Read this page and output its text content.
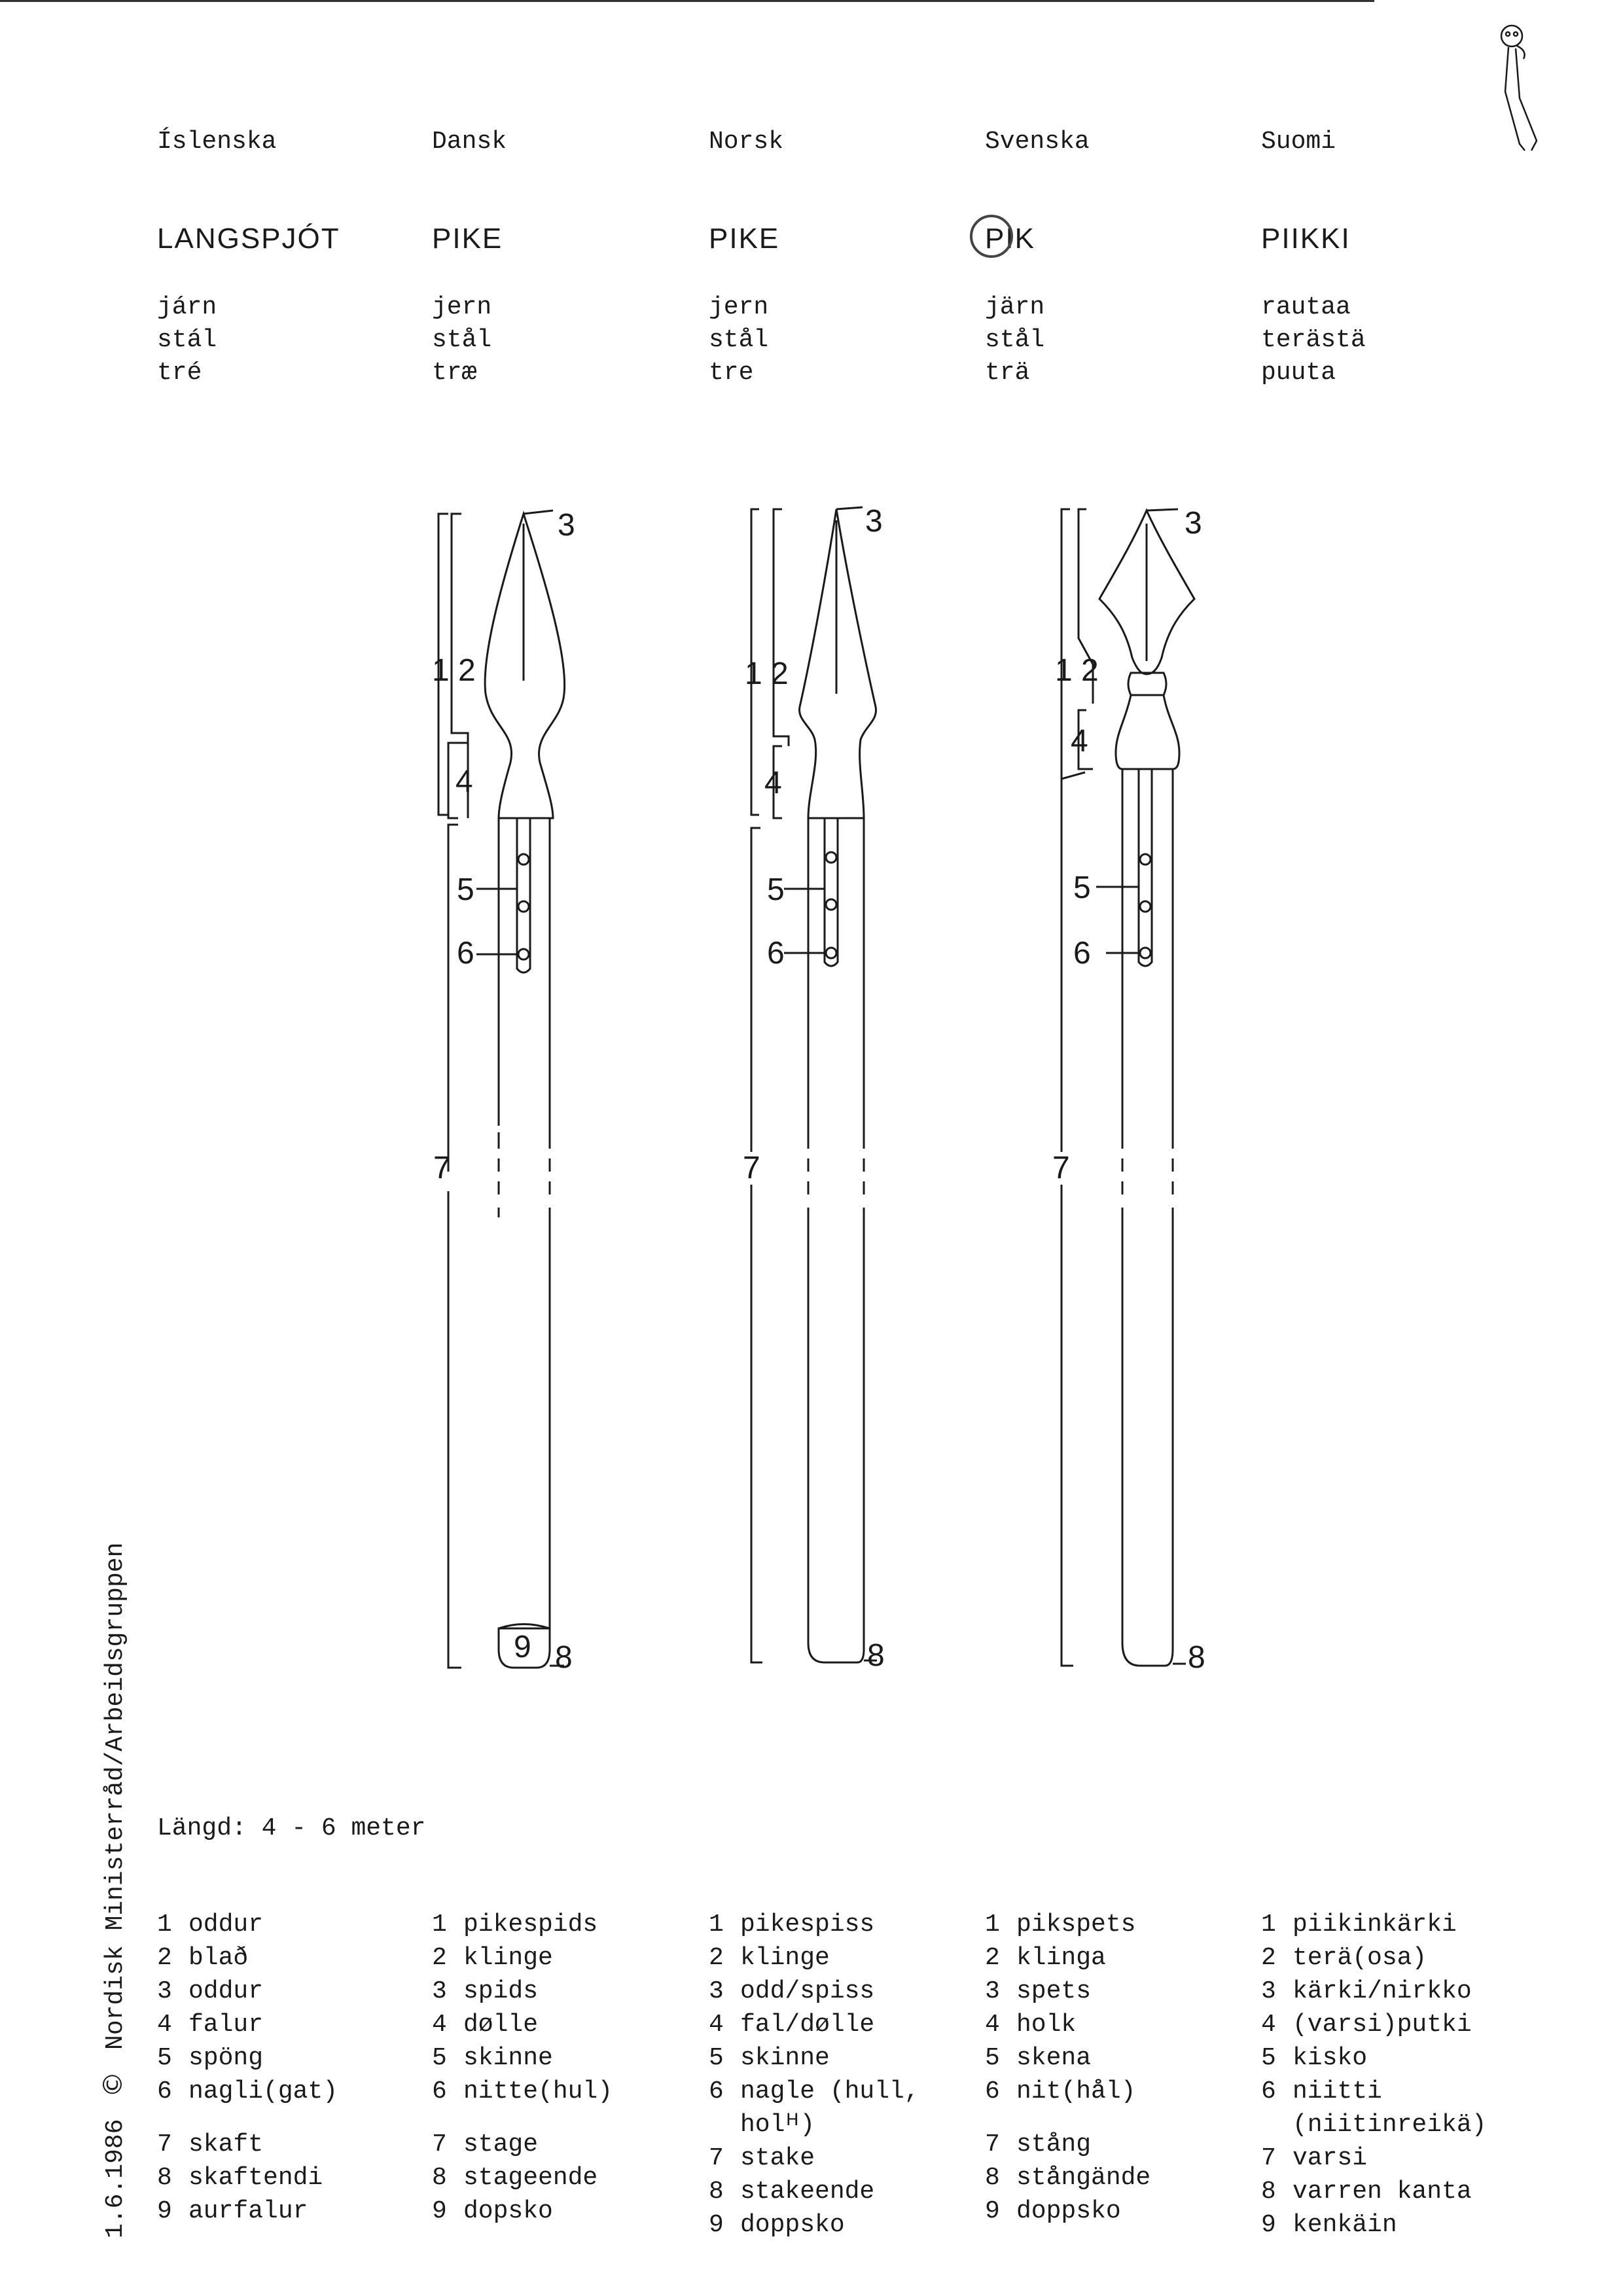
Íslenska
LANGSPJÓT
járn
stál
tré
1 oddur
2 blað
3 oddur
4 falur
5 spöng
6 nagli(gat)
7 skaft
8 skaftendi
9 aurfalur
Dansk
PIKE
jern
stål
træ
1 pikespids
2 klinge
3 spids
4 dølle
5 skinne
6 nitte(hul)
7 stage
8 stageende
9 dopsko
Norsk
PIKE
jern
stål
tre
1 pikespiss
2 klinge
3 odd/spiss
4 fal/dølle
5 skinne
6 nagle (hull,
holᴴ)
7 stake
8 stakeende
9 doppsko
Svenska
PIK
järn
stål
trä
1 pikspets
2 klinga
3 spets
4 holk
5 skena
6 nit(hål)
7 stång
8 stångände
9 doppsko
Suomi
PIIKKI
rautaa
terästä
puuta
1 piikinkärki
2 terä(osa)
3 kärki/nirkko
4 (varsi)putki
5 kisko
6 niitti
(niitinreikä)
7 varsi
8 varren kanta
9 kenkäin
3
1 2
4
5
6
7
9 8
3
1 2
4
5
6
7
8
3
1 2
4
5
6
7
8
Längd: 4 - 6 meter
1.6.1986 © Nordisk Ministerråd/Arbeidsgruppen
